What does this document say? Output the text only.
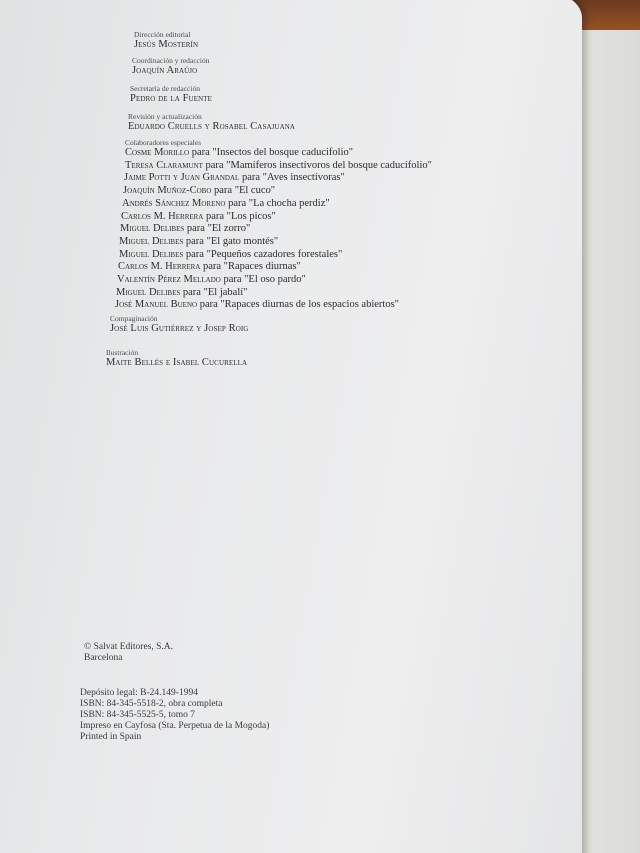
Dirección editorial
Jesús Mosterín
Coordinación y redacción
Joaquín Araújo
Secretaría de redacción
Pedro de la Fuente
Revisión y actualización
Eduardo Cruells y Rosabel Casajuana
Colaboradores especiales
Cosme Morillo para "Insectos del bosque caducifolio"
Teresa Claramunt para "Mamíferos insectívoros del bosque caducifolio"
Jaime Potti y Juan Grandal para "Aves insectívoras"
Joaquín Muñoz-Cobo para "El cuco"
Andrés Sánchez Moreno para "La chocha perdiz"
Carlos M. Herrera para "Los picos"
Miguel Delibes para "El zorro"
Miguel Delibes para "El gato montés"
Miguel Delibes para "Pequeños cazadores forestales"
Carlos M. Herrera para "Rapaces diurnas"
Valentín Pérez Mellado para "El oso pardo"
Miguel Delibes para "El jabalí"
José Manuel Bueno para "Rapaces diurnas de los espacios abiertos"
Compaginación
José Luis Gutiérrez y Josep Roig
Ilustración
Maite Bellés e Isabel Cucurella
© Salvat Editores, S.A.
Barcelona
Depósito legal: B-24.149-1994
ISBN: 84-345-5518-2, obra completa
ISBN: 84-345-5525-5, tomo 7
Impreso en Cayfosa (Sta. Perpetua de la Mogoda)
Printed in Spain
